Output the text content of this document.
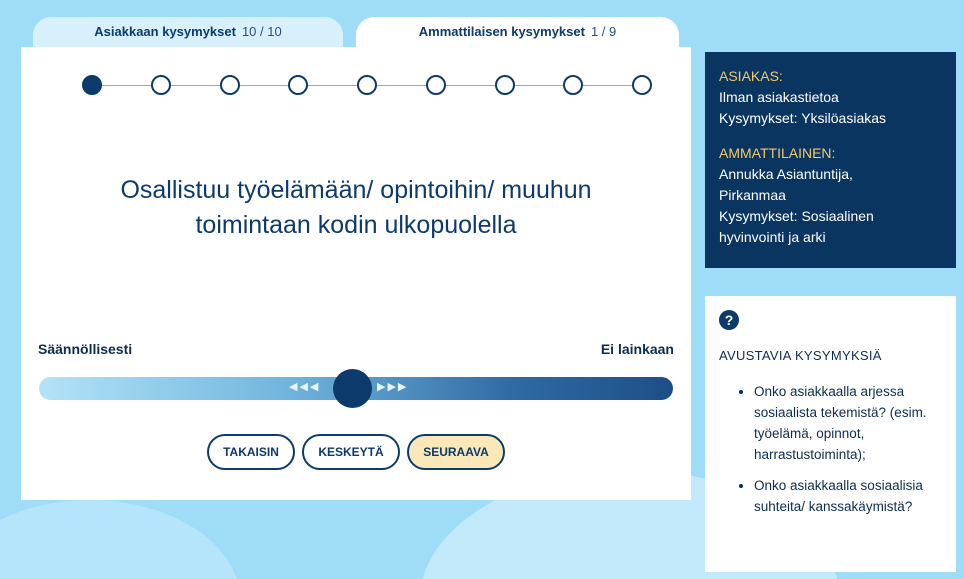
Asiakkaan kysymykset 10 / 10	Ammattilaisen kysymykset 1 / 9
Osallistuu työelämään/ opintoihin/ muuhun
toimintaan kodin ulkopuolella
Säännöllisesti	Ei lainkaan
◀◀◀	▶▶▶
TAKAISIN	KESKEYTÄ	SEURAAVA
ASIAKAS:
Ilman asiakastietoa
Kysymykset: Yksilöasiakas
AMMATTILAINEN:
Annukka Asiantuntija,
Pirkanmaa
Kysymykset: Sosiaalinen
hyvinvointi ja arki
?
AVUSTAVIA KYSYMYKSIÄ
• Onko asiakkaalla arjessa sosiaalista tekemistä? (esim. työelämä, opinnot, harrastustoiminta);
• Onko asiakkaalla sosiaalisia suhteita/ kanssakäymistä?
